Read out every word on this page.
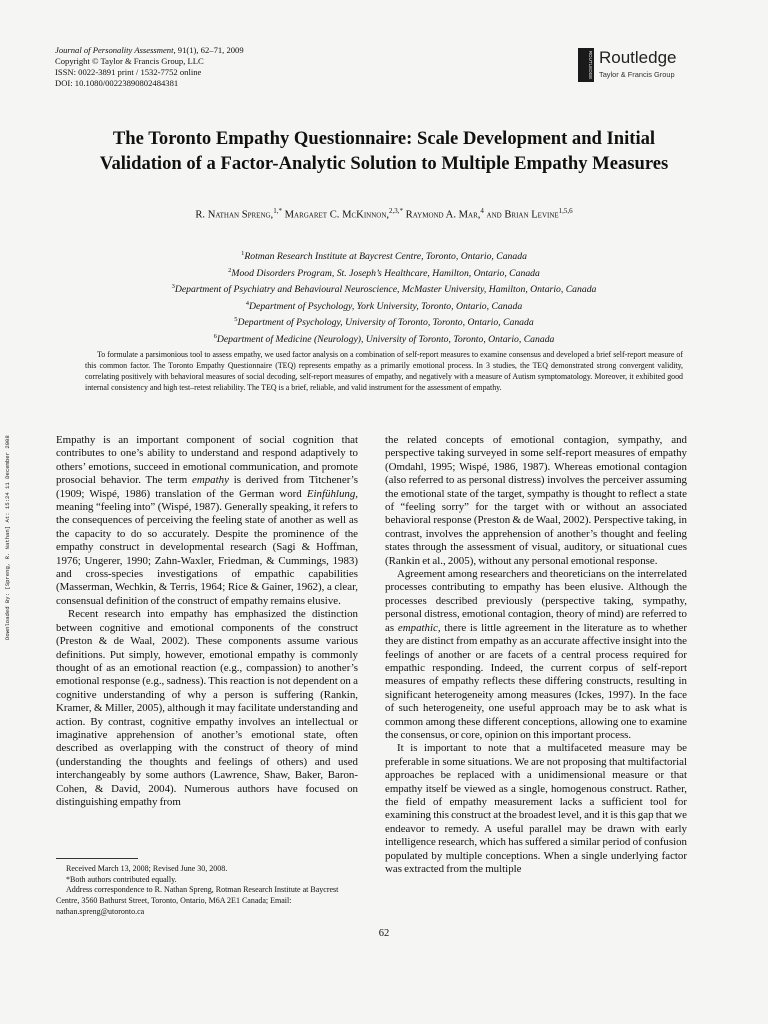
Journal of Personality Assessment, 91(1), 62–71, 2009
Copyright © Taylor & Francis Group, LLC
ISSN: 0022-3891 print / 1532-7752 online
DOI: 10.1080/00223890802484381
ROUTLEDGE Routledge
Taylor & Francis Group
The Toronto Empathy Questionnaire: Scale Development and Initial Validation of a Factor-Analytic Solution to Multiple Empathy Measures
R. Nathan Spreng,$^{1,*}$ Margaret C. McKinnon,$^{2,3,*}$ Raymond A. Mar,$^4$ and Brian Levine$^{1,5,6}$
$^1$Rotman Research Institute at Baycrest Centre, Toronto, Ontario, Canada
$^2$Mood Disorders Program, St. Joseph’s Healthcare, Hamilton, Ontario, Canada
$^3$Department of Psychiatry and Behavioural Neuroscience, McMaster University, Hamilton, Ontario, Canada
$^4$Department of Psychology, York University, Toronto, Ontario, Canada
$^5$Department of Psychology, University of Toronto, Toronto, Ontario, Canada
$^6$Department of Medicine (Neurology), University of Toronto, Toronto, Ontario, Canada

To formulate a parsimonious tool to assess empathy, we used factor analysis on a combination of self-report measures to examine consensus and developed a brief self-report measure of this common factor. The Toronto Empathy Questionnaire (TEQ) represents empathy as a primarily emotional process. In 3 studies, the TEQ demonstrated strong convergent validity, correlating positively with behavioral measures of social decoding, self-report measures of empathy, and negatively with a measure of Autism symptomatology. Moreover, it exhibited good internal consistency and high test–retest reliability. The TEQ is a brief, reliable, and valid instrument for the assessment of empathy.

Downloaded By: [Spreng, R. Nathan] At: 15:24 11 December 2008	Empathy is an important component of social cognition that contributes to one’s ability to understand and respond adaptively to others’ emotions, succeed in emotional communication, and promote prosocial behavior. The term empathy is derived from Titchener’s (1909; Wispé, 1986) translation of the German word Einfühlung, meaning “feeling into” (Wispé, 1987). Generally speaking, it refers to the consequences of perceiving the feeling state of another as well as the capacity to do so accurately. Despite the prominence of the empathy construct in developmental research (Sagi & Hoffman, 1976; Ungerer, 1990; Zahn-Waxler, Friedman, & Cummings, 1983) and cross-species investigations of empathic capabilities (Masserman, Wechkin, & Terris, 1964; Rice & Gainer, 1962), a clear, consensual definition of the construct of empathy remains elusive.

Recent research into empathy has emphasized the distinction between cognitive and emotional components of the construct (Preston & de Waal, 2002). These components assume various definitions. Put simply, however, emotional empathy is commonly thought of as an emotional reaction (e.g., compassion) to another’s emotional response (e.g., sadness). This reaction is not dependent on a cognitive understanding of why a person is suffering (Rankin, Kramer, & Miller, 2005), although it may facilitate understanding and action. By contrast, cognitive empathy involves an intellectual or imaginative apprehension of another’s emotional state, often described as overlapping with the construct of theory of mind (understanding the thoughts and feelings of others) and used interchangeably by some authors (Lawrence, Shaw, Baker, Baron-Cohen, & David, 2004). Numerous authors have focused on distinguishing empathy from

the related concepts of emotional contagion, sympathy, and perspective taking surveyed in some self-report measures of empathy (Omdahl, 1995; Wispé, 1986, 1987). Whereas emotional contagion (also referred to as personal distress) involves the perceiver assuming the emotional state of the target, sympathy is thought to reflect a state of “feeling sorry” for the target with or without an associated behavioral response (Preston & de Waal, 2002). Perspective taking, in contrast, involves the apprehension of another’s thought and feeling states through the assessment of visual, auditory, or situational cues (Rankin et al., 2005), without any personal emotional response.

Agreement among researchers and theoreticians on the interrelated processes contributing to empathy has been elusive. Although the processes described previously (perspective taking, sympathy, personal distress, emotional contagion, theory of mind) are referred to as empathic, there is little agreement in the literature as to whether they are distinct from empathy as an accurate affective insight into the feelings of another or are facets of a central process required for empathic responding. Indeed, the current corpus of self-report measures of empathy reflects these differing constructs, resulting in significant heterogeneity among measures (Ickes, 1997). In the face of such heterogeneity, one useful approach may be to ask what is common among these different conceptions, allowing one to examine the consensus, or core, opinion on this important process.

It is important to note that a multifaceted measure may be preferable in some situations. We are not proposing that multifactorial approaches be replaced with a unidimensional measure or that empathy itself be viewed as a single, homogenous construct. Rather, the field of empathy measurement lacks a sufficient tool for examining this construct at the broadest level, and it is this gap that we endeavor to remedy. A useful parallel may be drawn with early intelligence research, which has suffered a similar period of confusion populated by multiple conceptions. When a single underlying factor was extracted from the multiple

Received March 13, 2008; Revised June 30, 2008.

*Both authors contributed equally.

Address correspondence to R. Nathan Spreng, Rotman Research Institute at Baycrest Centre, 3560 Bathurst Street, Toronto, Ontario, M6A 2E1 Canada; Email: nathan.spreng@utoronto.ca

62
